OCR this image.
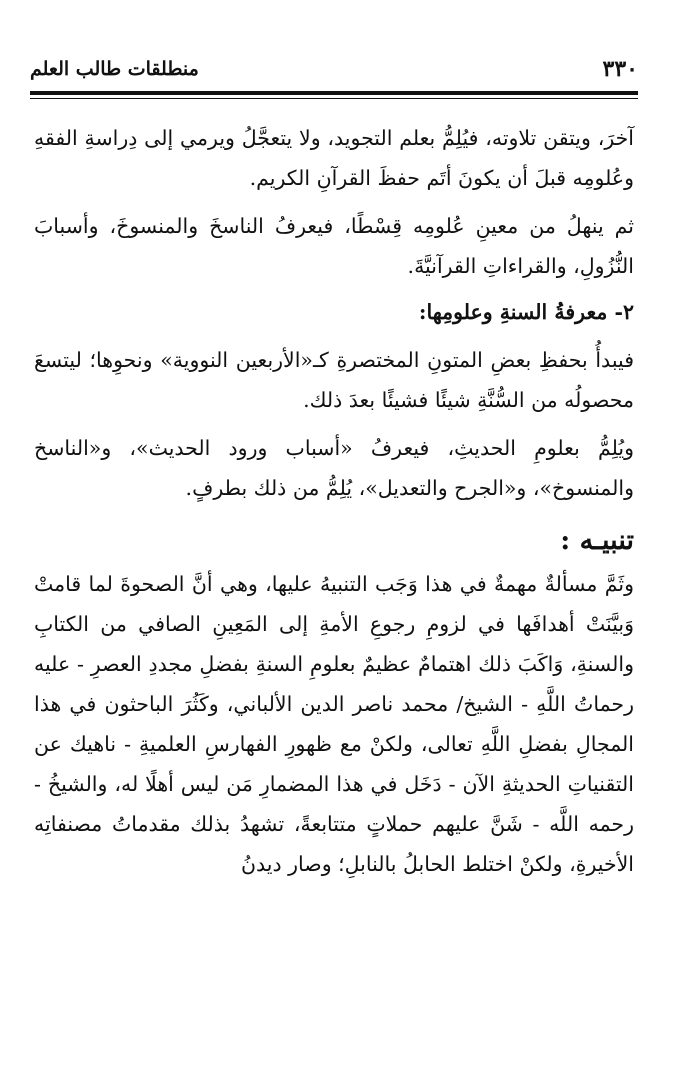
منطلقات طالب العلم	٣٣٠

آخرَ، ويتقن تلاوته، فيُلِمُّ بعلم التجويد، ولا يتعجَّلُ ويرمي إلى دِراسةِ الفقهِ وعُلومِه قبلَ أن يكونَ أتَم حفظَ القرآنِ الكريم.

ثم ينهلُ من معينِ عُلومِه قِسْطًا، فيعرفُ الناسخَ والمنسوخَ، وأسبابَ النُّزُولِ، والقراءاتِ القرآنيَّةَ.

٢- معرفةُ السنةِ وعلومِها:

فيبدأُ بحفظِ بعضِ المتونِ المختصرةِ كـ«الأربعين النووية» ونحوِها؛ ليتسعَ محصولُه من السُّنَّةِ شيئًا فشيئًا بعدَ ذلك.

ويُلِمُّ بعلومِ الحديثِ، فيعرفُ «أسباب ورود الحديث»، و«الناسخ والمنسوخ»، و«الجرح والتعديل»، يُلِمُّ من ذلك بطرفٍ.

تنبيـه :

وثَمَّ مسألةٌ مهمةٌ في هذا وَجَب التنبيهُ عليها، وهي أنَّ الصحوةَ لما قامتْ وَبيَّنَتْ أهدافَها في لزومِ رجوعِ الأمةِ إلى المَعِينِ الصافي من الكتابِ والسنةِ، وَاكَبَ ذلك اهتمامٌ عظيمٌ بعلومِ السنةِ بفضلِ مجددِ العصرِ - عليه رحماتُ اللَّهِ - الشيخ/ محمد ناصر الدين الألباني، وكَثُرَ الباحثون في هذا المجالِ بفضلِ اللَّهِ تعالى، ولكنْ مع ظهورِ الفهارسِ العلميةِ - ناهيك عن التقنياتِ الحديثةِ الآن - دَخَل في هذا المضمارِ مَن ليس أهلًا له، والشيخُ - رحمه اللَّه - شَنَّ عليهم حملاتٍ متتابعةً، تشهدُ بذلك مقدماتُ مصنفاتِه الأخيرةِ، ولكنْ اختلط الحابلُ بالنابلِ؛ وصار ديدنُ
